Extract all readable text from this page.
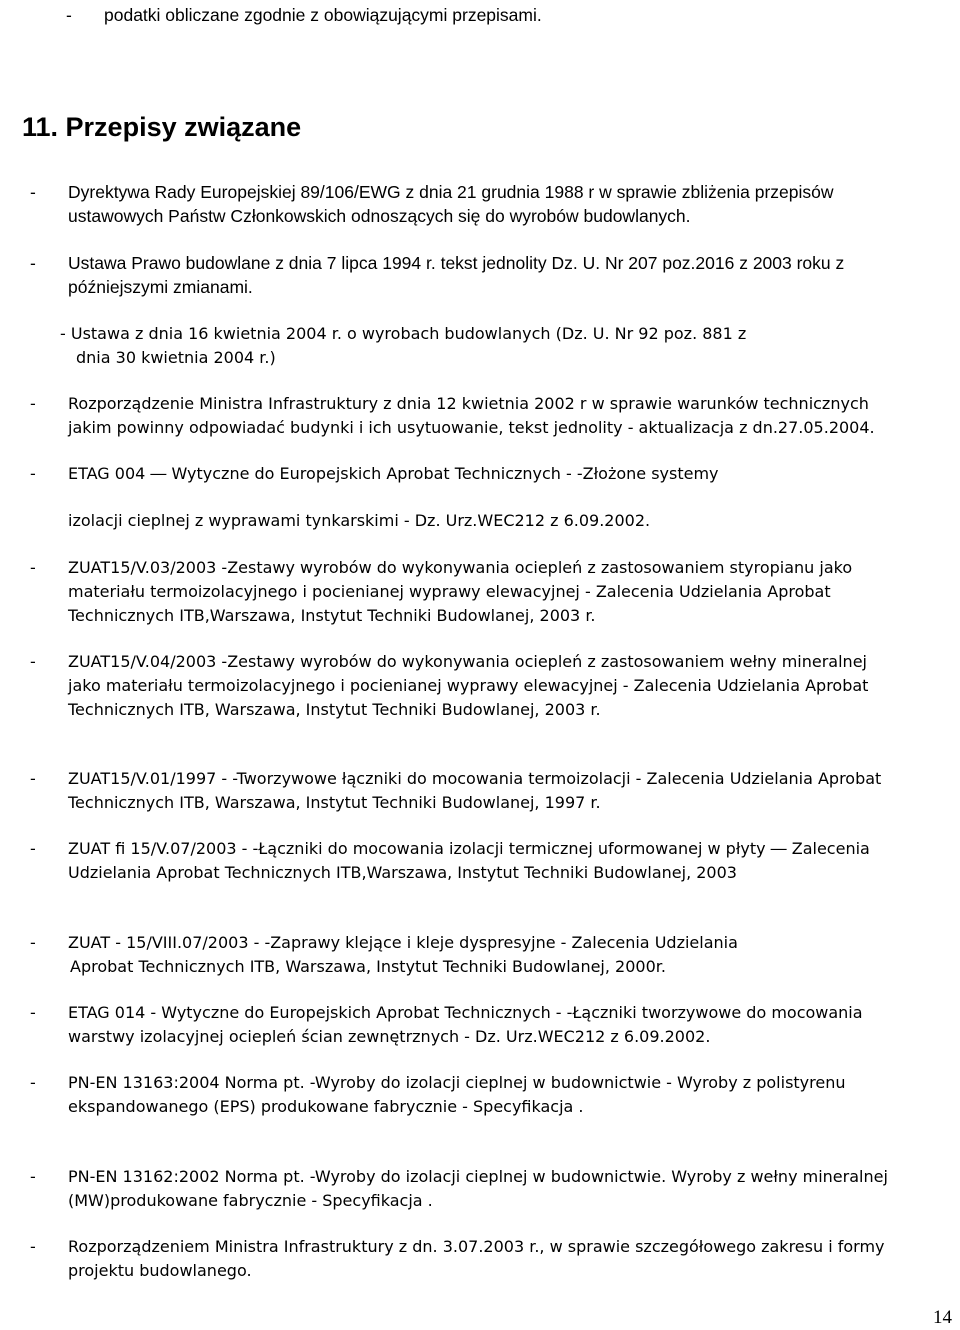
- podatki obliczane zgodnie z obowiązującymi przepisami.
11. Przepisy związane
- Dyrektywa Rady Europejskiej 89/106/EWG z dnia 21 grudnia 1988 r w sprawie zbliżenia przepisów
ustawowych Państw Członkowskich odnoszących się do wyrobów budowlanych.
- Ustawa Prawo budowlane z dnia 7 lipca 1994 r. tekst jednolity Dz. U. Nr 207 poz.2016 z 2003 roku z
późniejszymi zmianami.
- Ustawa z dnia 16 kwietnia 2004 r. o wyrobach budowlanych (Dz. U. Nr 92 poz. 881 z
dnia 30 kwietnia 2004 r.)
- Rozporządzenie Ministra Infrastruktury z dnia 12 kwietnia 2002 r w sprawie warunków technicznych
jakim powinny odpowiadać budynki i ich usytuowanie, tekst jednolity - aktualizacja z dn.27.05.2004.
- ETAG 004 ― Wytyczne do Europejskich Aprobat Technicznych - -Złożone systemy
izolacji cieplnej z wyprawami tynkarskimi - Dz. Urz.WEC212 z 6.09.2002.
- ZUAT15/V.03/2003 -Zestawy wyrobów do wykonywania ociepleń z zastosowaniem styropianu jako
materiału termoizolacyjnego i pocienianej wyprawy elewacyjnej - Zalecenia Udzielania Aprobat
Technicznych ITB,Warszawa, Instytut Techniki Budowlanej, 2003 r.
- ZUAT15/V.04/2003 -Zestawy wyrobów do wykonywania ociepleń z zastosowaniem wełny mineralnej
jako materiału termoizolacyjnego i pocienianej wyprawy elewacyjnej - Zalecenia Udzielania Aprobat
Technicznych ITB, Warszawa, Instytut Techniki Budowlanej, 2003 r.
- ZUAT15/V.01/1997 - -Tworzywowe łączniki do mocowania termoizolacji - Zalecenia Udzielania Aprobat
Technicznych ITB, Warszawa, Instytut Techniki Budowlanej, 1997 r.
- ZUAT fi 15/V.07/2003 - -Łączniki do mocowania izolacji termicznej uformowanej w płyty ― Zalecenia
Udzielania Aprobat Technicznych ITB,Warszawa, Instytut Techniki Budowlanej, 2003
- ZUAT - 15/VIII.07/2003 - -Zaprawy klejące i kleje dyspresyjne - Zalecenia Udzielania
Aprobat Technicznych ITB, Warszawa, Instytut Techniki Budowlanej, 2000r.
- ETAG 014 - Wytyczne do Europejskich Aprobat Technicznych - -Łączniki tworzywowe do mocowania
warstwy izolacyjnej ociepleń ścian zewnętrznych - Dz. Urz.WEC212 z 6.09.2002.
- PN-EN 13163:2004 Norma pt. -Wyroby do izolacji cieplnej w budownictwie - Wyroby z polistyrenu
ekspandowanego (EPS) produkowane fabrycznie - Specyfikacja .
- PN-EN 13162:2002 Norma pt. -Wyroby do izolacji cieplnej w budownictwie. Wyroby z wełny mineralnej
(MW)produkowane fabrycznie - Specyfikacja .
- Rozporządzeniem Ministra Infrastruktury z dn. 3.07.2003 r., w sprawie szczegółowego zakresu i formy
projektu budowlanego.
14
